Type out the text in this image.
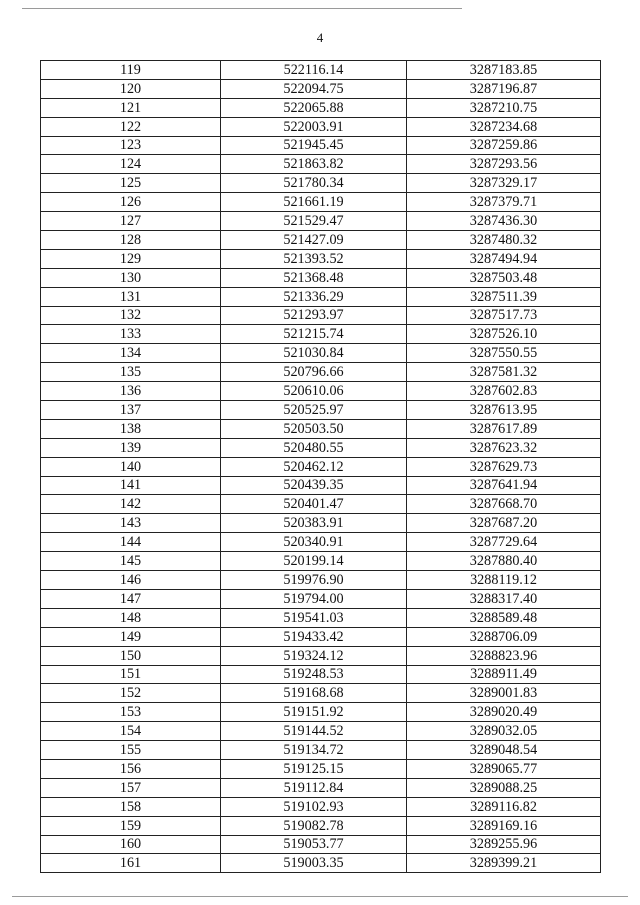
4
119	522116.14	3287183.85
120	522094.75	3287196.87
121	522065.88	3287210.75
122	522003.91	3287234.68
123	521945.45	3287259.86
124	521863.82	3287293.56
125	521780.34	3287329.17
126	521661.19	3287379.71
127	521529.47	3287436.30
128	521427.09	3287480.32
129	521393.52	3287494.94
130	521368.48	3287503.48
131	521336.29	3287511.39
132	521293.97	3287517.73
133	521215.74	3287526.10
134	521030.84	3287550.55
135	520796.66	3287581.32
136	520610.06	3287602.83
137	520525.97	3287613.95
138	520503.50	3287617.89
139	520480.55	3287623.32
140	520462.12	3287629.73
141	520439.35	3287641.94
142	520401.47	3287668.70
143	520383.91	3287687.20
144	520340.91	3287729.64
145	520199.14	3287880.40
146	519976.90	3288119.12
147	519794.00	3288317.40
148	519541.03	3288589.48
149	519433.42	3288706.09
150	519324.12	3288823.96
151	519248.53	3288911.49
152	519168.68	3289001.83
153	519151.92	3289020.49
154	519144.52	3289032.05
155	519134.72	3289048.54
156	519125.15	3289065.77
157	519112.84	3289088.25
158	519102.93	3289116.82
159	519082.78	3289169.16
160	519053.77	3289255.96
161	519003.35	3289399.21
